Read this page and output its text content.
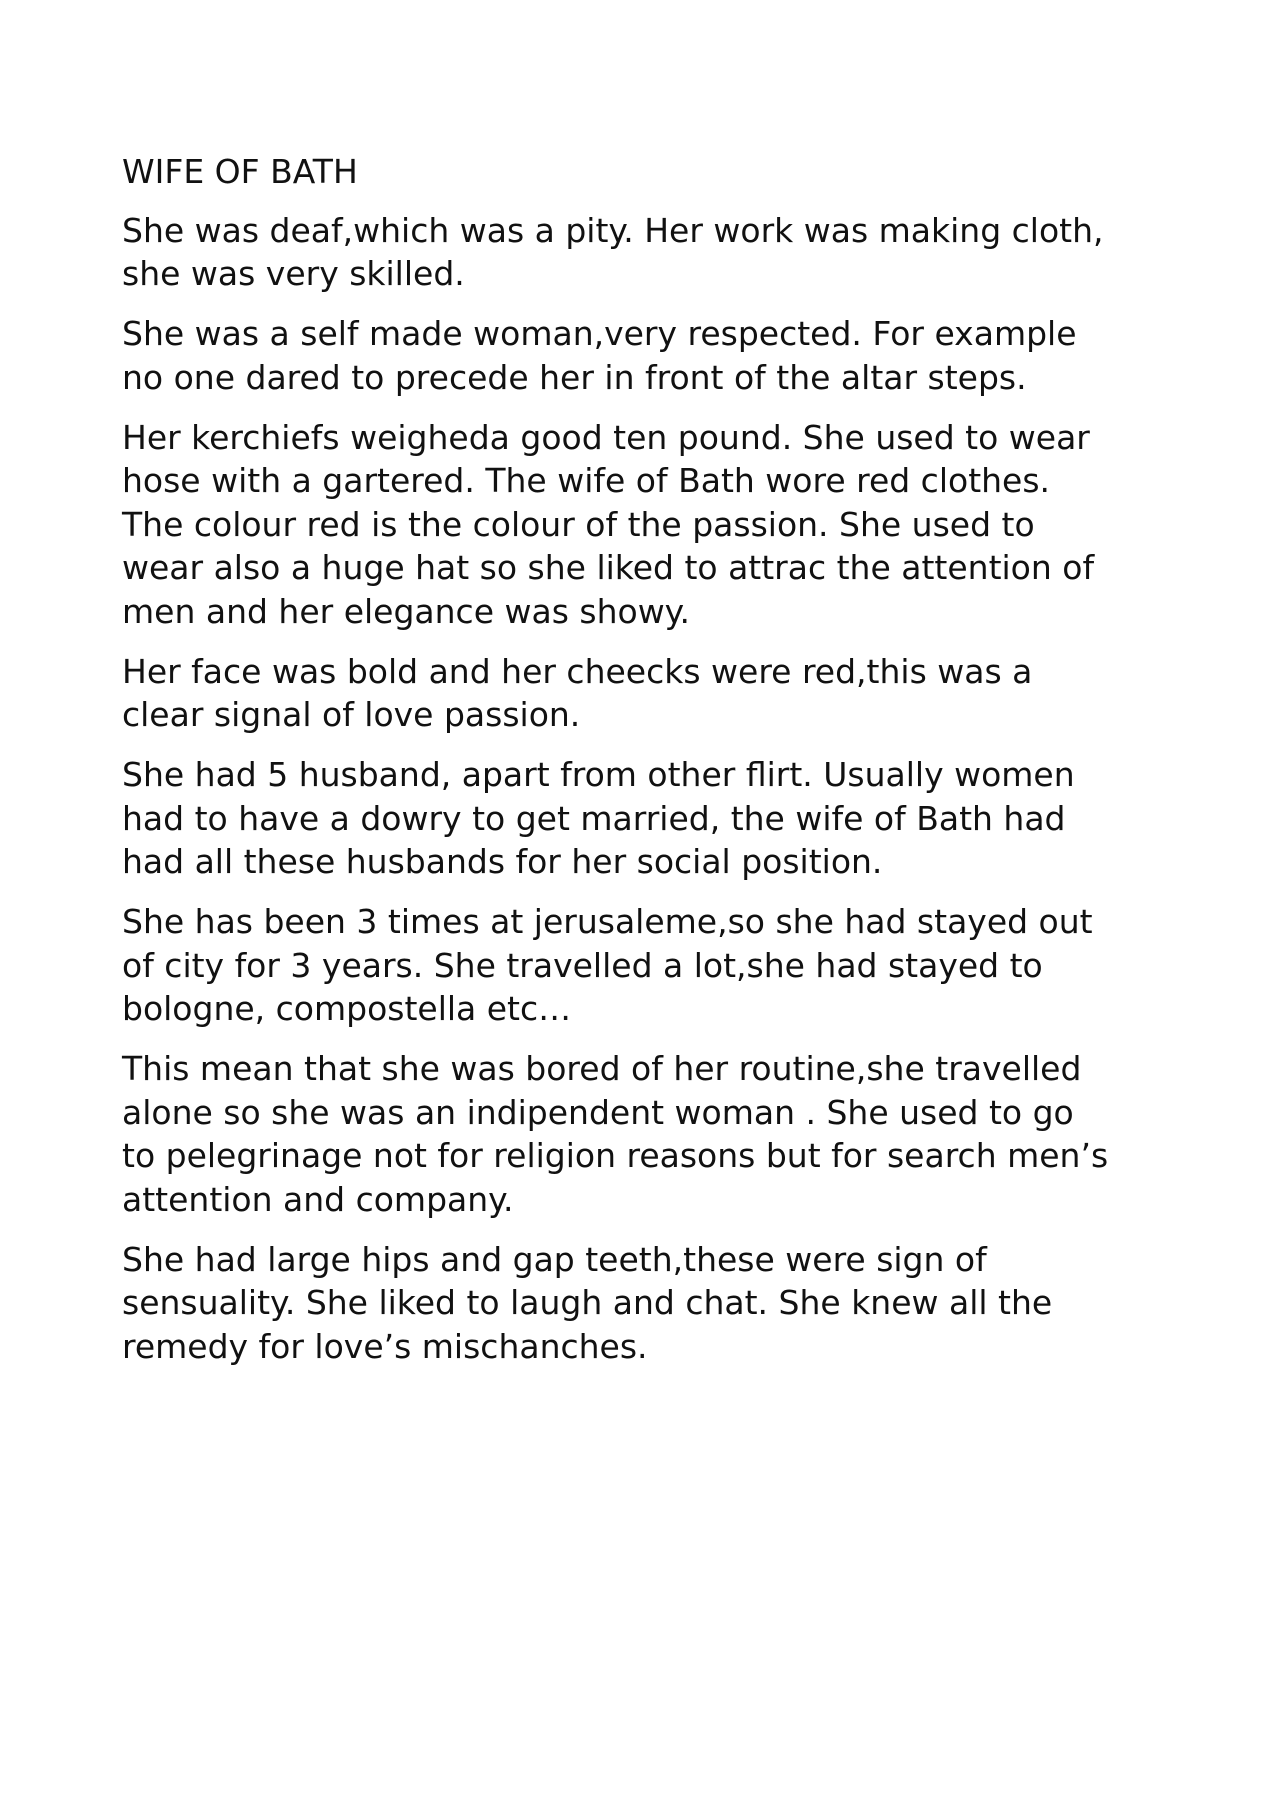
WIFE OF BATH
She was deaf,which was a pity. Her work was making cloth,
she was very skilled.
She was a self made woman,very respected. For example
no one dared to precede her in front of the altar steps.
Her kerchiefs weigheda good ten pound. She used to wear
hose with a gartered. The wife of Bath wore red clothes.
The colour red is the colour of the passion. She used to
wear also a huge hat so she liked to attrac the attention of
men and her elegance was showy.
Her face was bold and her cheecks were red,this was a
clear signal of love passion.
She had 5 husband, apart from other flirt. Usually women
had to have a dowry to get married, the wife of Bath had
had all these husbands for her social position.
She has been 3 times at jerusaleme,so she had stayed out
of city for 3 years. She travelled a lot,she had stayed to
bologne, compostella etc…
This mean that she was bored of her routine,she travelled
alone so she was an indipendent woman . She used to go
to pelegrinage not for religion reasons but for search men’s
attention and company.
She had large hips and gap teeth,these were sign of
sensuality. She liked to laugh and chat. She knew all the
remedy for love’s mischanches.
